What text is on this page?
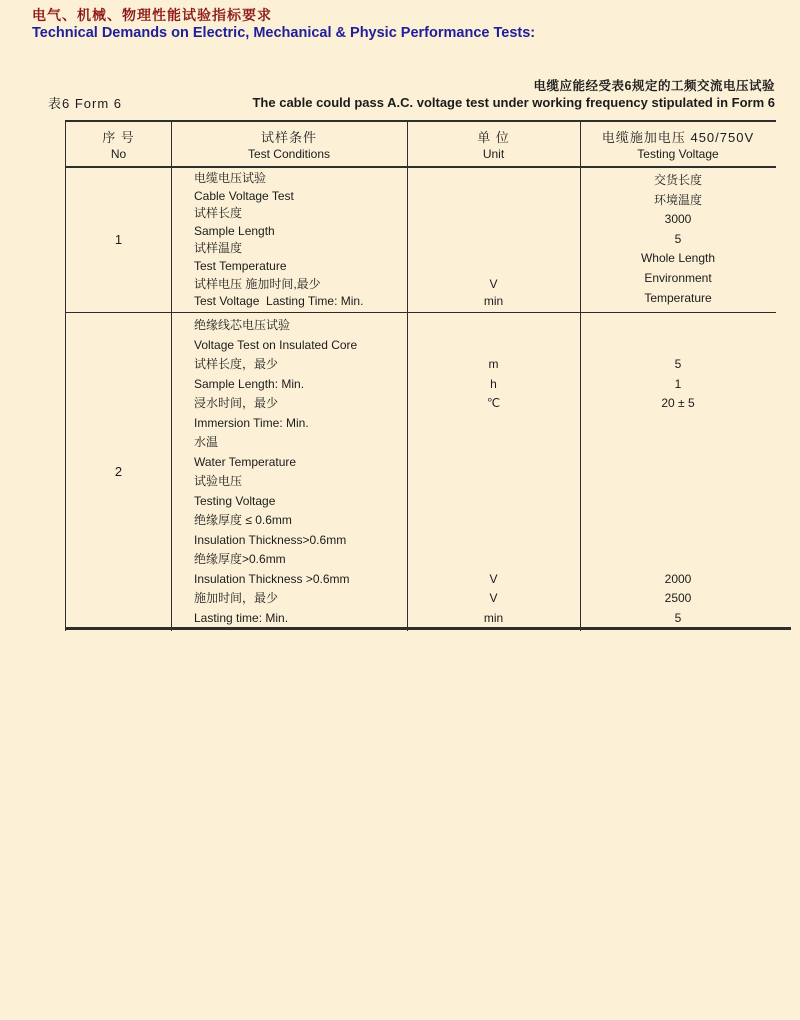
电气、机械、物理性能试验指标要求
Technical Demands on Electric, Mechanical & Physic Performance Tests:
电缆应能经受表6规定的工频交流电压试验
The cable could pass A.C. voltage test under working frequency stipulated in Form 6
表6 Form 6
序 号
No
试样条件
Test Conditions
单 位
Unit
电缆施加电压 450/750V
Testing Voltage
1
电缆电压试验
Cable Voltage Test
试样长度
Sample Length
试样温度
Test Temperature
试样电压 施加时间,最少
Test Voltage  Lasting Time: Min.

V
min
交货长度
环境温度
3000
5
Whole Length
Environment
Temperature
2
绝缘线芯电压试验
Voltage Test on Insulated Core
试样长度，最少
Sample Length: Min.
浸水时间，最少
Immersion Time: Min.
水温
Water Temperature
试验电压
Testing Voltage
绝缘厚度 ≤ 0.6mm
Insulation Thickness>0.6mm
绝缘厚度>0.6mm
Insulation Thickness >0.6mm
施加时间，最少
Lasting time: Min.

m
h
℃

V
V
min

5
1
20 ± 5

2000
2500
5
